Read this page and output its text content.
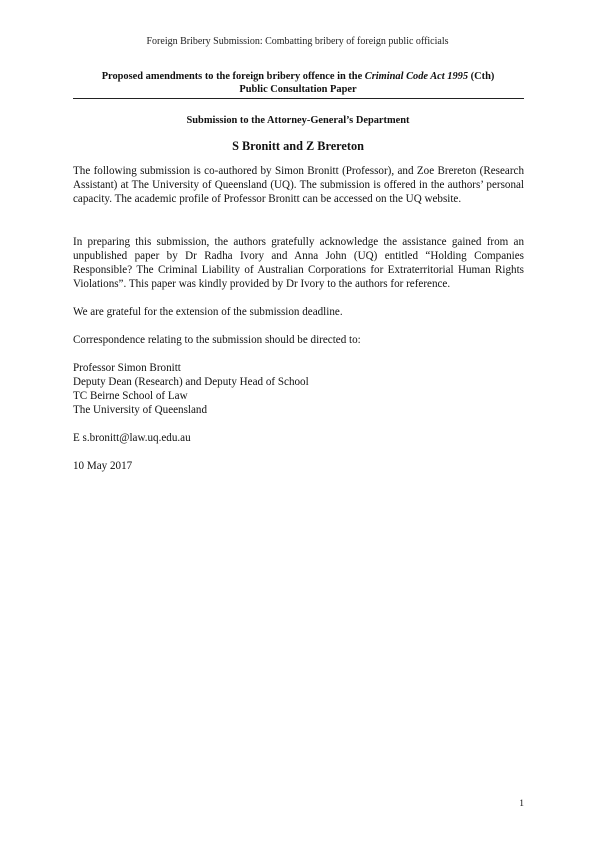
Foreign Bribery Submission: Combatting bribery of foreign public officials
Proposed amendments to the foreign bribery offence in the Criminal Code Act 1995 (Cth)
Public Consultation Paper
Submission to the Attorney-General’s Department
S Bronitt and Z Brereton

The following submission is co-authored by Simon Bronitt (Professor), and Zoe Brereton (Research Assistant) at The University of Queensland (UQ). The submission is offered in the authors’ personal capacity. The academic profile of Professor Bronitt can be accessed on the UQ website.

In preparing this submission, the authors gratefully acknowledge the assistance gained from an unpublished paper by Dr Radha Ivory and Anna John (UQ) entitled “Holding Companies Responsible? The Criminal Liability of Australian Corporations for Extraterritorial Human Rights Violations”. This paper was kindly provided by Dr Ivory to the authors for reference.

We are grateful for the extension of the submission deadline.

Correspondence relating to the submission should be directed to:

Professor Simon Bronitt
Deputy Dean (Research) and Deputy Head of School
TC Beirne School of Law
The University of Queensland
E s.bronitt@law.uq.edu.au
10 May 2017
1
